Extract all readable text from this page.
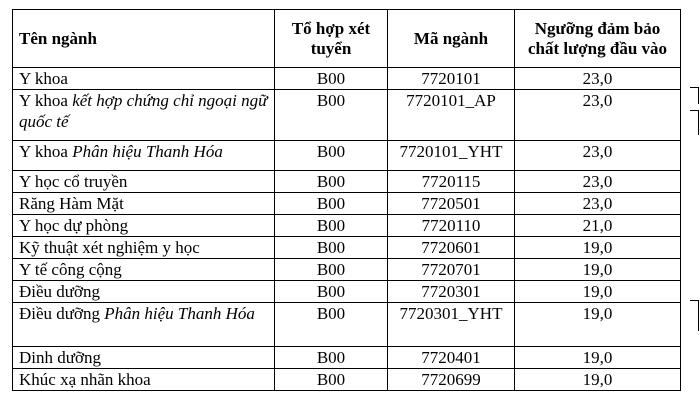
Tên ngành	Tổ hợp xét tuyển	Mã ngành	Ngưỡng đảm bảo chất lượng đầu vào
Y khoa	B00	7720101	23,0
Y khoa kết hợp chứng chỉ ngoại ngữ quốc tế	B00	7720101_AP	23,0
Y khoa Phân hiệu Thanh Hóa	B00	7720101_YHT	23,0
Y học cổ truyền	B00	7720115	23,0
Răng Hàm Mặt	B00	7720501	23,0
Y học dự phòng	B00	7720110	21,0
Kỹ thuật xét nghiệm y học	B00	7720601	19,0
Y tế công cộng	B00	7720701	19,0
Điều dưỡng	B00	7720301	19,0
Điều dưỡng Phân hiệu Thanh Hóa	B00	7720301_YHT	19,0
Dinh dưỡng	B00	7720401	19,0
Khúc xạ nhãn khoa	B00	7720699	19,0
